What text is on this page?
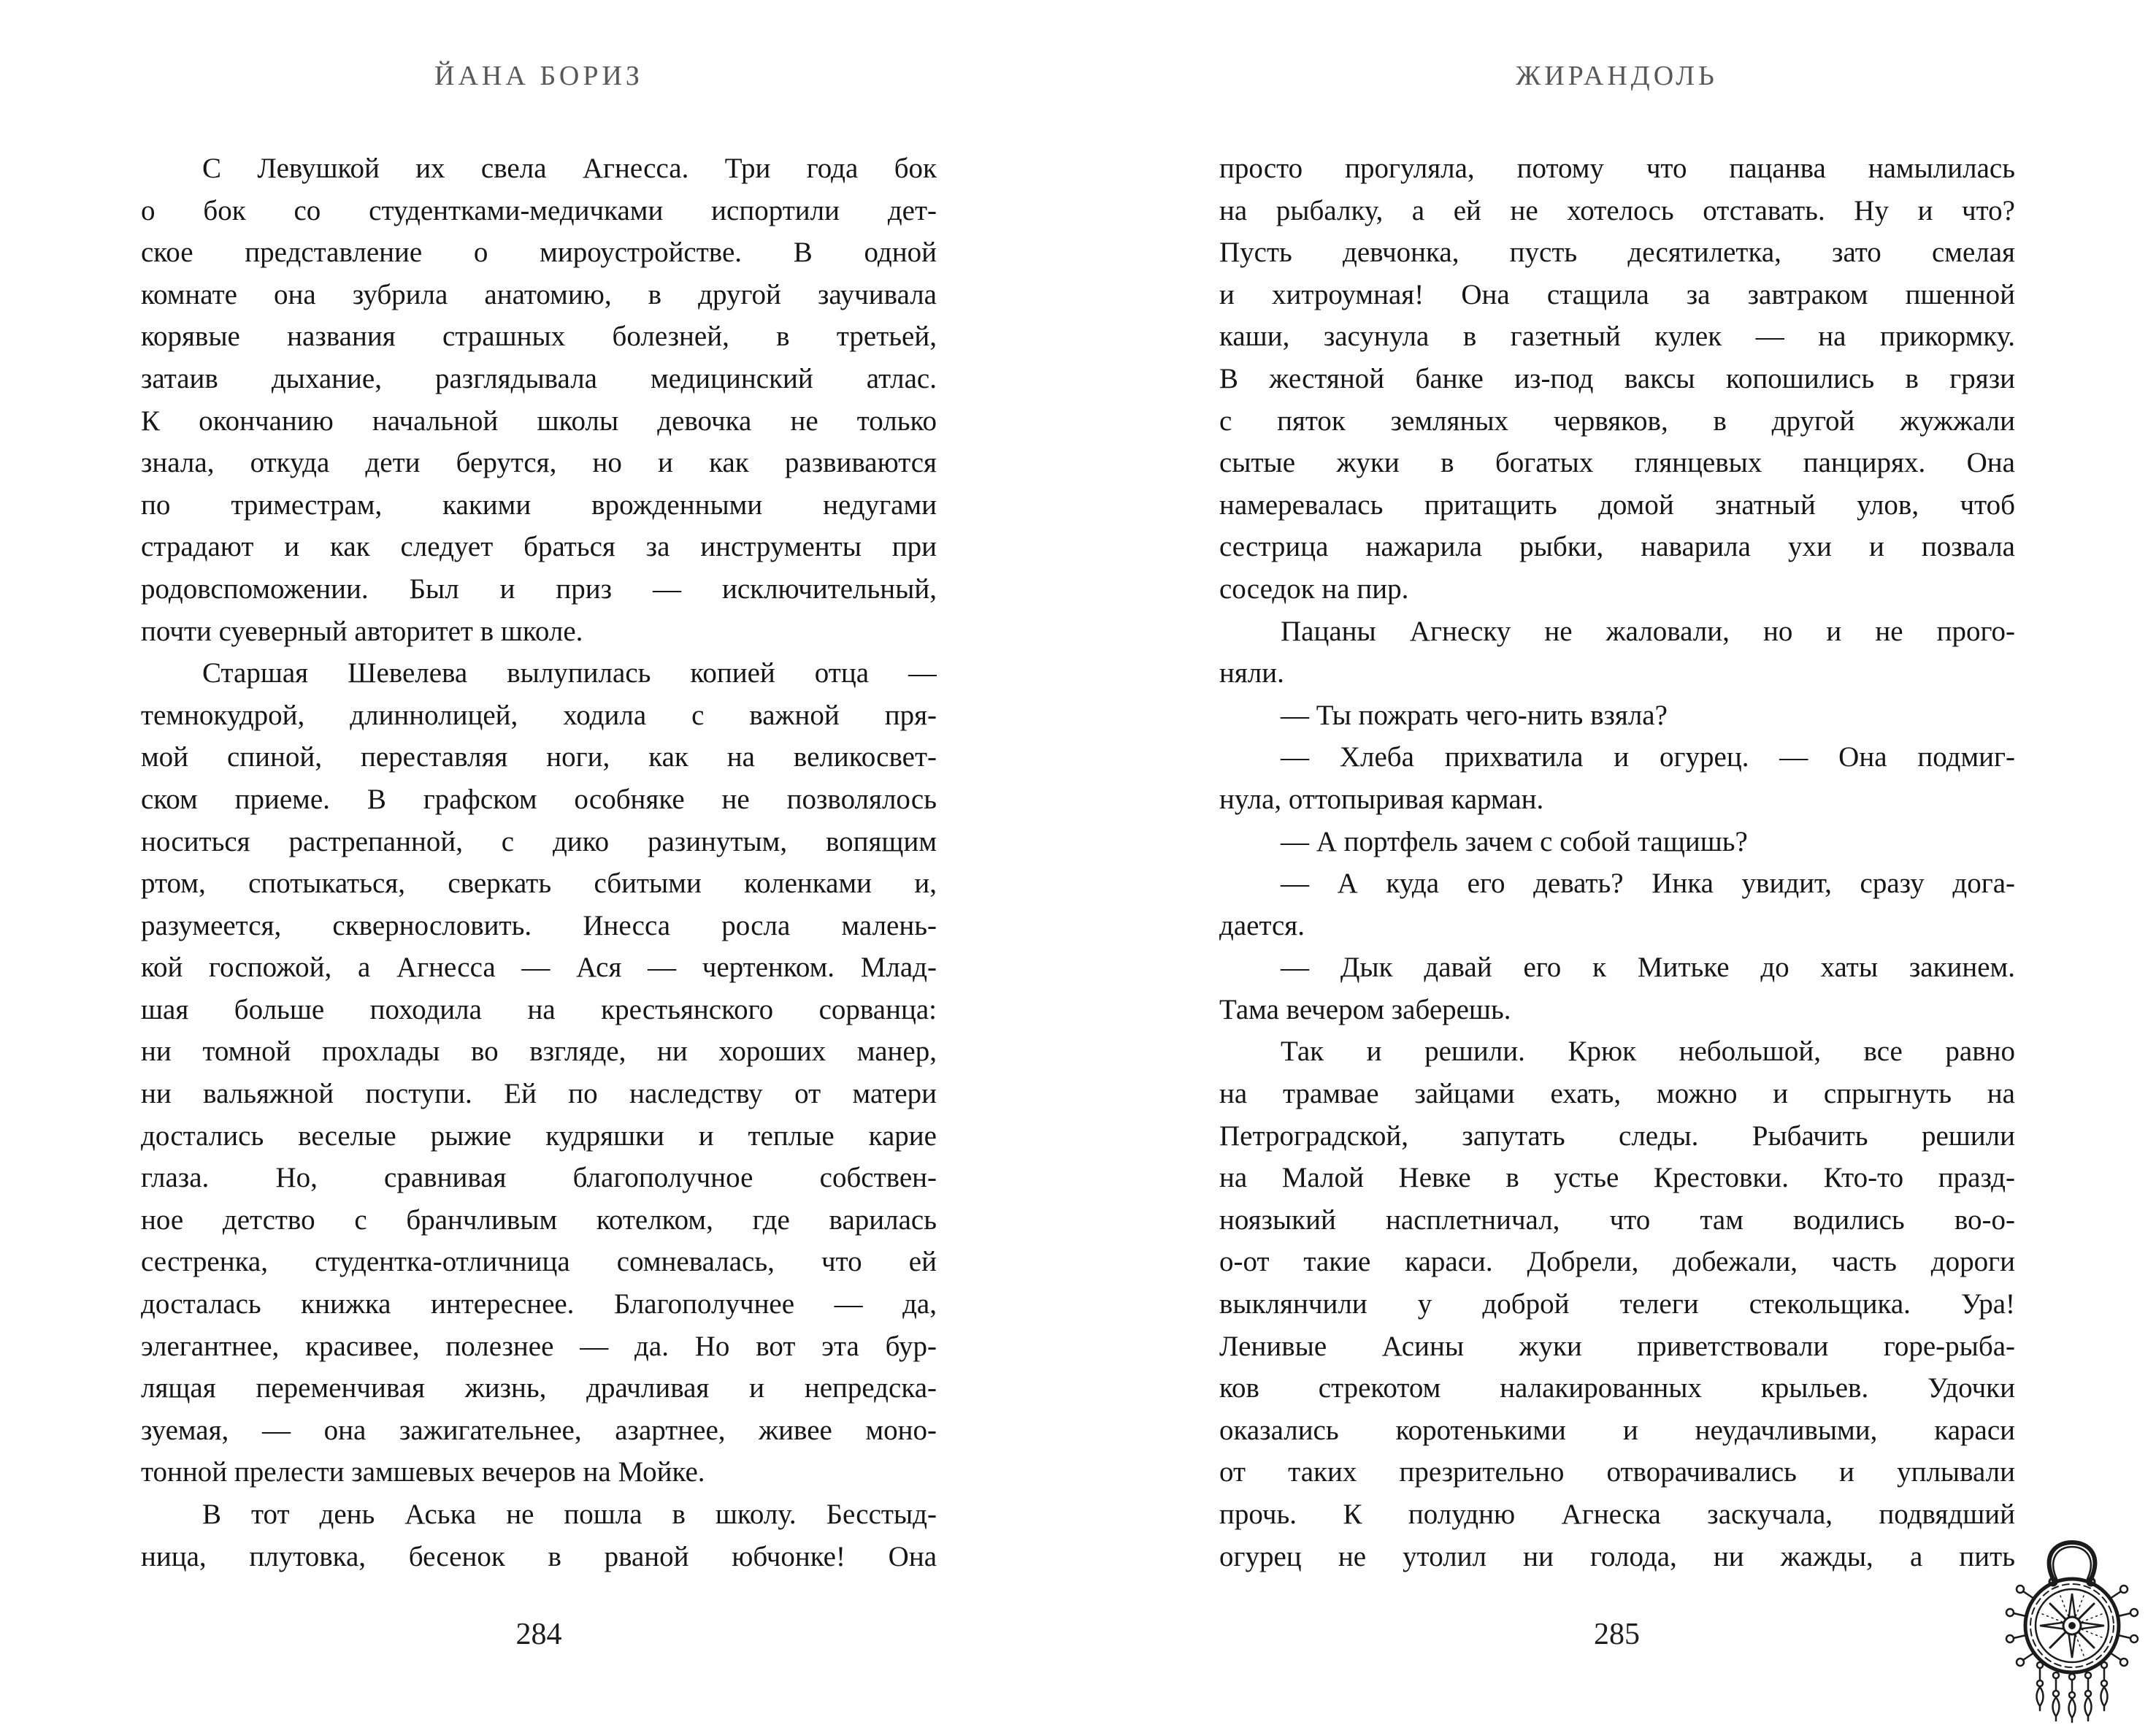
ЙАНА БОРИЗ	ЖИРАНДОЛЬ
С Левушкой их свела Агнесса. Три года бок
о бок со студентками-медичками испортили дет-
ское представление о мироустройстве. В одной
комнате она зубрила анатомию, в другой заучивала
корявые названия страшных болезней, в третьей,
затаив дыхание, разглядывала медицинский атлас.
К окончанию начальной школы девочка не только
знала, откуда дети берутся, но и как развиваются
по триместрам, какими врожденными недугами
страдают и как следует браться за инструменты при
родовспоможении. Был и приз — исключительный,
почти суеверный авторитет в школе.
Старшая Шевелева вылупилась копией отца —
темнокудрой, длиннолицей, ходила с важной пря-
мой спиной, переставляя ноги, как на великосвет-
ском приеме. В графском особняке не позволялось
носиться растрепанной, с дико разинутым, вопящим
ртом, спотыкаться, сверкать сбитыми коленками и,
разумеется, сквернословить. Инесса росла малень-
кой госпожой, а Агнесса — Ася — чертенком. Млад-
шая больше походила на крестьянского сорванца:
ни томной прохлады во взгляде, ни хороших манер,
ни вальяжной поступи. Ей по наследству от матери
достались веселые рыжие кудряшки и теплые карие
глаза. Но, сравнивая благополучное собствен-
ное детство с бранчливым котелком, где варилась
сестренка, студентка-отличница сомневалась, что ей
досталась книжка интереснее. Благополучнее — да,
элегантнее, красивее, полезнее — да. Но вот эта бур-
лящая переменчивая жизнь, драчливая и непредска-
зуемая, — она зажигательнее, азартнее, живее моно-
тонной прелести замшевых вечеров на Мойке.
В тот день Аська не пошла в школу. Бесстыд-
ница, плутовка, бесенок в рваной юбчонке! Она
просто прогуляла, потому что пацанва намылилась
на рыбалку, а ей не хотелось отставать. Ну и что?
Пусть девчонка, пусть десятилетка, зато смелая
и хитроумная! Она стащила за завтраком пшенной
каши, засунула в газетный кулек — на прикормку.
В жестяной банке из-под ваксы копошились в грязи
с пяток земляных червяков, в другой жужжали
сытые жуки в богатых глянцевых панцирях. Она
намеревалась притащить домой знатный улов, чтоб
сестрица нажарила рыбки, наварила ухи и позвала
соседок на пир.
Пацаны Агнеску не жаловали, но и не прого-
няли.
— Ты пожрать чего-нить взяла?
— Хлеба прихватила и огурец. — Она подмиг-
нула, оттопыривая карман.
— А портфель зачем с собой тащишь?
— А куда его девать? Инка увидит, сразу дога-
дается.
— Дык давай его к Митьке до хаты закинем.
Тама вечером заберешь.
Так и решили. Крюк небольшой, все равно
на трамвае зайцами ехать, можно и спрыгнуть на
Петроградской, запутать следы. Рыбачить решили
на Малой Невке в устье Крестовки. Кто-то празд-
ноязыкий насплетничал, что там водились во-о-
о-от такие караси. Добрели, добежали, часть дороги
выклянчили у доброй телеги стекольщика. Ура!
Ленивые Асины жуки приветствовали горе-рыба-
ков стрекотом налакированных крыльев. Удочки
оказались коротенькими и неудачливыми, караси
от таких презрительно отворачивались и уплывали
прочь. К полудню Агнеска заскучала, подвядший
огурец не утолил ни голода, ни жажды, а пить
284	285
